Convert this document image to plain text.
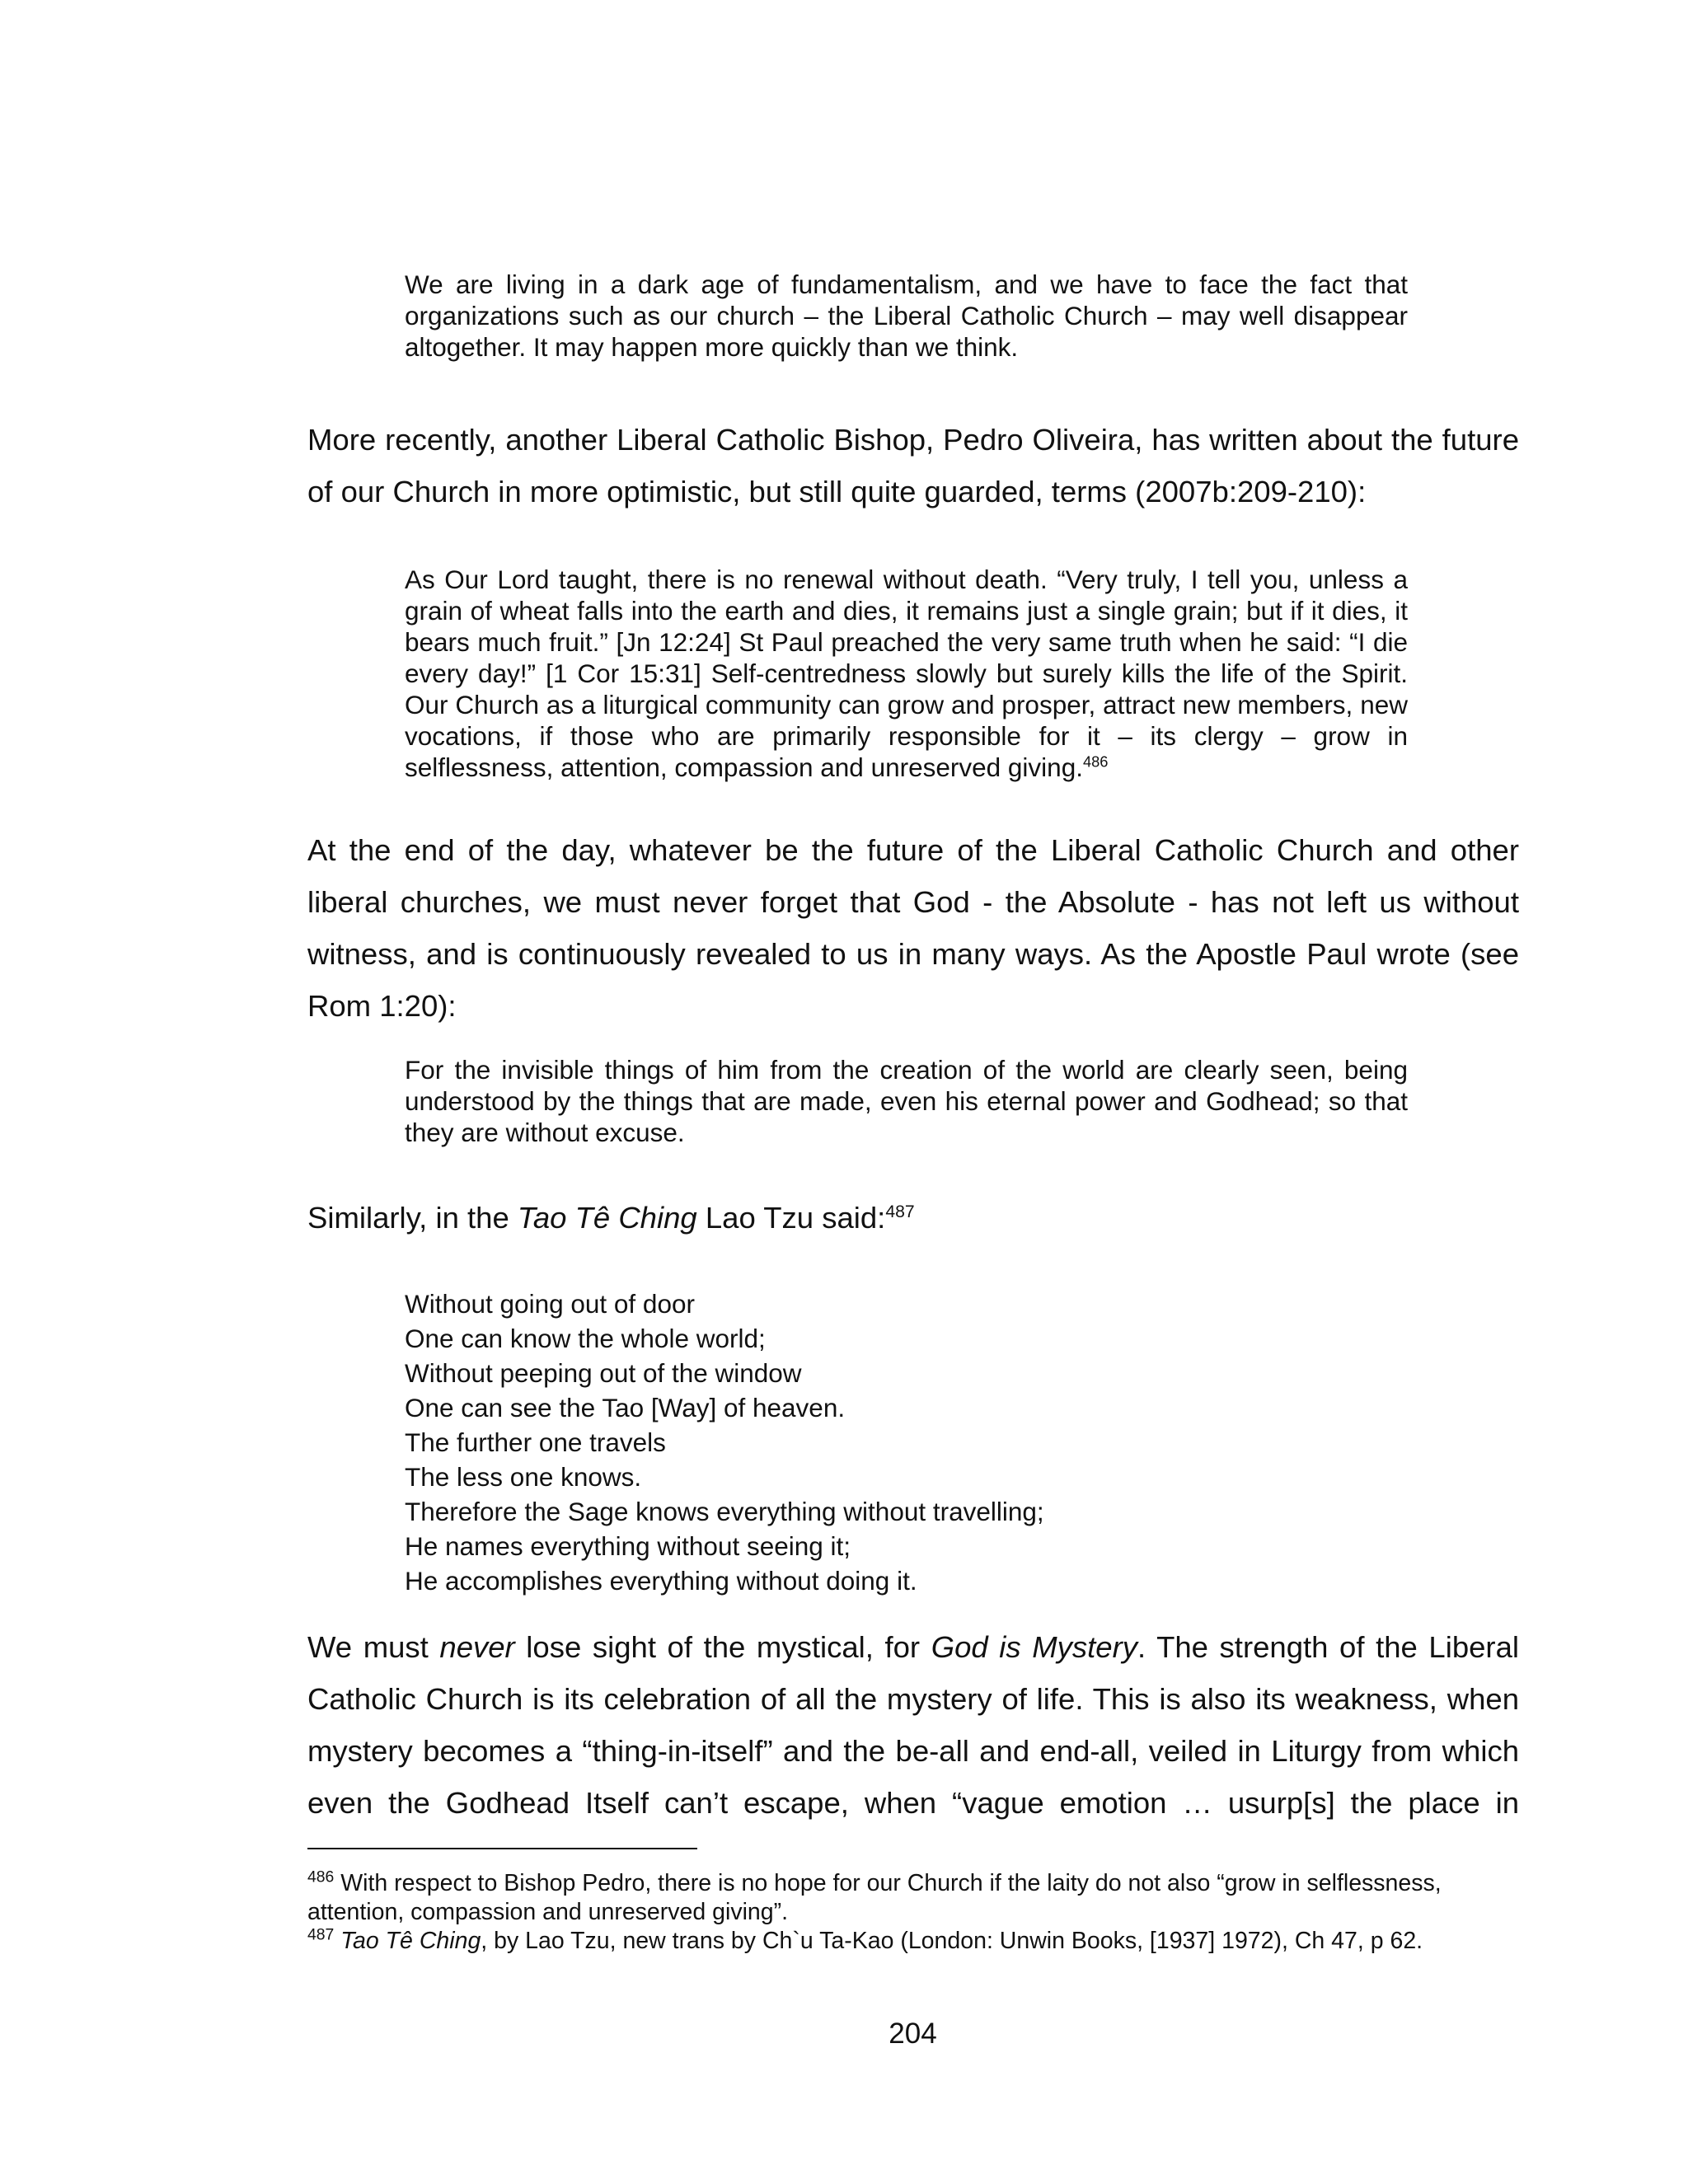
We are living in a dark age of fundamentalism, and we have to face the fact that organizations such as our church – the Liberal Catholic Church – may well disappear altogether. It may happen more quickly than we think.

More recently, another Liberal Catholic Bishop, Pedro Oliveira, has written about the future of our Church in more optimistic, but still quite guarded, terms (2007b:209-210):

As Our Lord taught, there is no renewal without death. “Very truly, I tell you, unless a grain of wheat falls into the earth and dies, it remains just a single grain; but if it dies, it bears much fruit.” [Jn 12:24] St Paul preached the very same truth when he said: “I die every day!” [1 Cor 15:31] Self-centredness slowly but surely kills the life of the Spirit. Our Church as a liturgical community can grow and prosper, attract new members, new vocations, if those who are primarily responsible for it – its clergy – grow in selflessness, attention, compassion and unreserved giving.$^{486}$

At the end of the day, whatever be the future of the Liberal Catholic Church and other liberal churches, we must never forget that God - the Absolute - has not left us without witness, and is continuously revealed to us in many ways. As the Apostle Paul wrote (see Rom 1:20):

For the invisible things of him from the creation of the world are clearly seen, being understood by the things that are made, even his eternal power and Godhead; so that they are without excuse.

Similarly, in the Tao Tê Ching Lao Tzu said:$^{487}$

Without going out of door
One can know the whole world;
Without peeping out of the window
One can see the Tao [Way] of heaven.
The further one travels
The less one knows.
Therefore the Sage knows everything without travelling;
He names everything without seeing it;
He accomplishes everything without doing it.

We must never lose sight of the mystical, for God is Mystery. The strength of the Liberal Catholic Church is its celebration of all the mystery of life. This is also its weakness, when mystery becomes a “thing-in-itself” and the be-all and end-all, veiled in Liturgy from which even the Godhead Itself can’t escape, when “vague emotion … usurp[s] the place in

$^{486}$ With respect to Bishop Pedro, there is no hope for our Church if the laity do not also “grow in selflessness, attention, compassion and unreserved giving”.

$^{487}$ Tao Tê Ching, by Lao Tzu, new trans by Ch`u Ta-Kao (London: Unwin Books, [1937] 1972), Ch 47, p 62.

204
